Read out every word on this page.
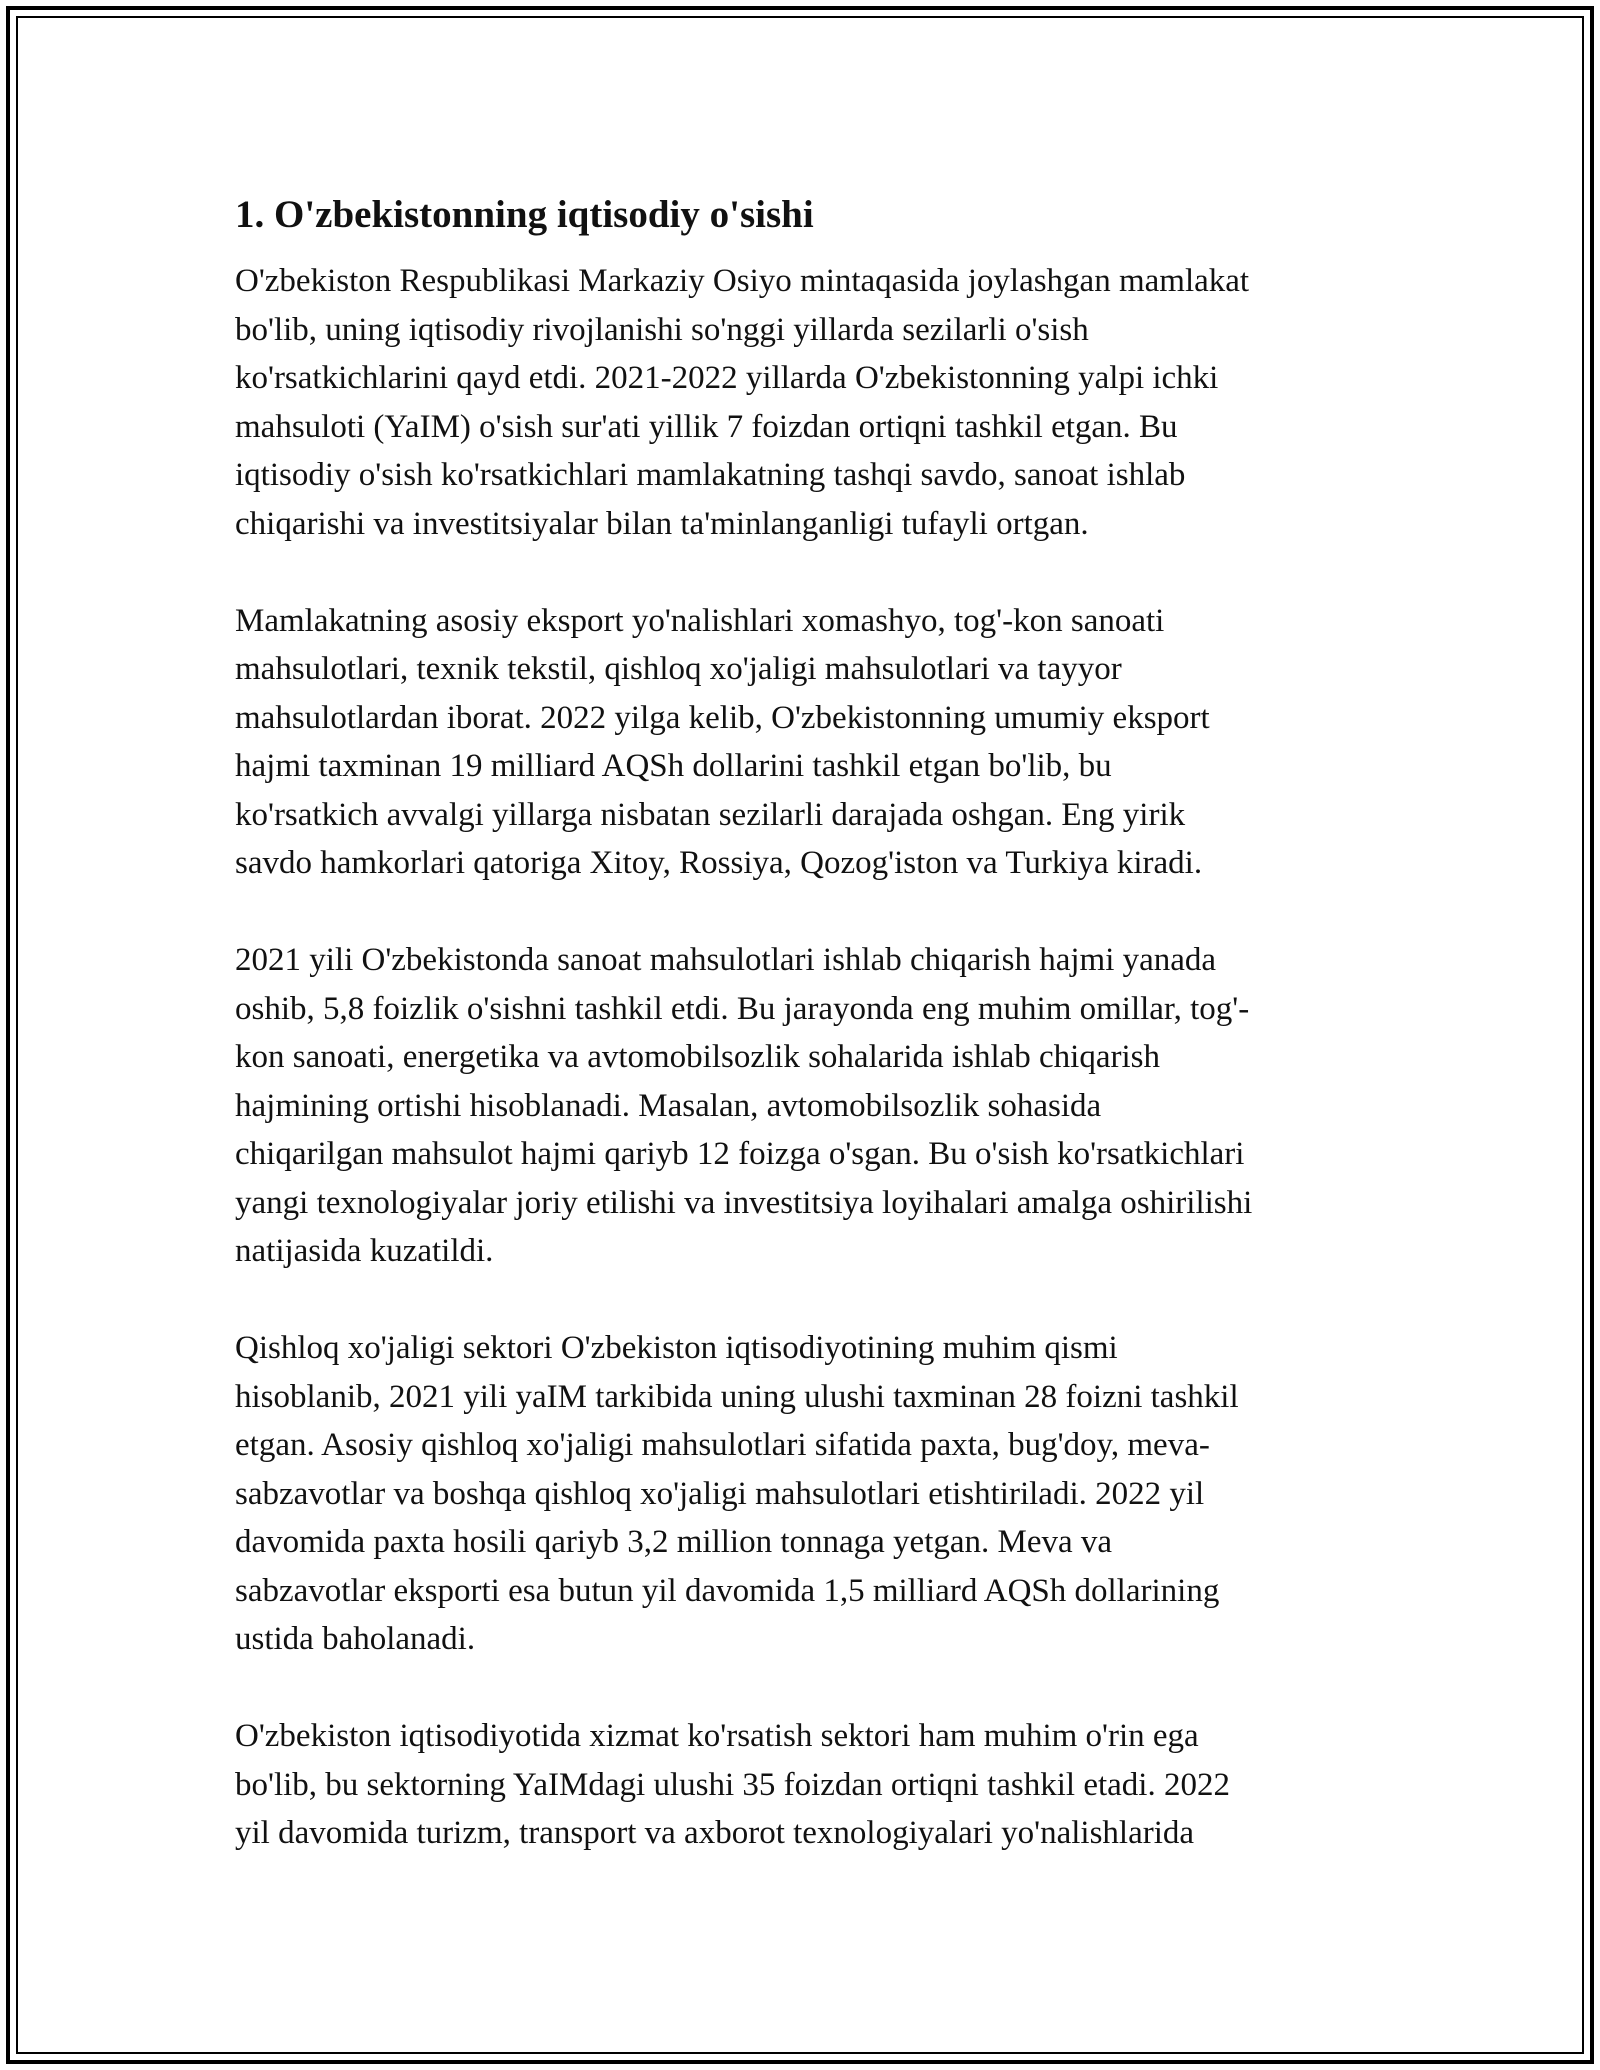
1. O'zbekistonning iqtisodiy o'sishi
O'zbekiston Respublikasi Markaziy Osiyo mintaqasida joylashgan mamlakat
bo'lib, uning iqtisodiy rivojlanishi so'nggi yillarda sezilarli o'sish
ko'rsatkichlarini qayd etdi. 2021-2022 yillarda O'zbekistonning yalpi ichki
mahsuloti (YaIM) o'sish sur'ati yillik 7 foizdan ortiqni tashkil etgan. Bu
iqtisodiy o'sish ko'rsatkichlari mamlakatning tashqi savdo, sanoat ishlab
chiqarishi va investitsiyalar bilan ta'minlanganligi tufayli ortgan.
Mamlakatning asosiy eksport yo'nalishlari xomashyo, tog'-kon sanoati
mahsulotlari, texnik tekstil, qishloq xo'jaligi mahsulotlari va tayyor
mahsulotlardan iborat. 2022 yilga kelib, O'zbekistonning umumiy eksport
hajmi taxminan 19 milliard AQSh dollarini tashkil etgan bo'lib, bu
ko'rsatkich avvalgi yillarga nisbatan sezilarli darajada oshgan. Eng yirik
savdo hamkorlari qatoriga Xitoy, Rossiya, Qozog'iston va Turkiya kiradi.
2021 yili O'zbekistonda sanoat mahsulotlari ishlab chiqarish hajmi yanada
oshib, 5,8 foizlik o'sishni tashkil etdi. Bu jarayonda eng muhim omillar, tog'-
kon sanoati, energetika va avtomobilsozlik sohalarida ishlab chiqarish
hajmining ortishi hisoblanadi. Masalan, avtomobilsozlik sohasida
chiqarilgan mahsulot hajmi qariyb 12 foizga o'sgan. Bu o'sish ko'rsatkichlari
yangi texnologiyalar joriy etilishi va investitsiya loyihalari amalga oshirilishi
natijasida kuzatildi.
Qishloq xo'jaligi sektori O'zbekiston iqtisodiyotining muhim qismi
hisoblanib, 2021 yili yaIM tarkibida uning ulushi taxminan 28 foizni tashkil
etgan. Asosiy qishloq xo'jaligi mahsulotlari sifatida paxta, bug'doy, meva-
sabzavotlar va boshqa qishloq xo'jaligi mahsulotlari etishtiriladi. 2022 yil
davomida paxta hosili qariyb 3,2 million tonnaga yetgan. Meva va
sabzavotlar eksporti esa butun yil davomida 1,5 milliard AQSh dollarining
ustida baholanadi.
O'zbekiston iqtisodiyotida xizmat ko'rsatish sektori ham muhim o'rin ega
bo'lib, bu sektorning YaIMdagi ulushi 35 foizdan ortiqni tashkil etadi. 2022
yil davomida turizm, transport va axborot texnologiyalari yo'nalishlarida
